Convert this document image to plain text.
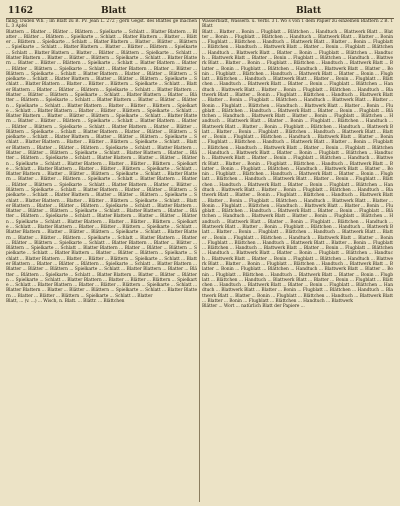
1162	Blatt	Blatt

fällig; Duden Wb. ; im Blatt zu B. Pv. Jean L. 272 ; gern Gegst. des Blattes ge machen L. 3 Apfel

Blattern ... Blatter ... Blätter ... Blättern ... Spielkarte ... Schlatt ... Blatter Blattern ... Blatter ... Blätter ... Blättern ... Spielkarte ... Schlatt ... Blatter Blattern ... Blatter ... Blätter ... Blättern ... Spielkarte ... Schlatt ... Blatter Blattern ... Blatter ... Blätter ... Blättern ... Spielkarte ... Schlatt ... Blatter Blattern ... Blatter ... Blätter ... Blättern ... Spielkarte ... Schlatt ... Blatter Blattern ... Blatter ... Blätter ... Blättern ... Spielkarte ... Schlatt ... Blatter Blattern ... Blatter ... Blätter ... Blättern ... Spielkarte ... Schlatt ... Blatter Blattern ... Blatter ... Blätter ... Blättern ... Spielkarte ... Schlatt ... Blatter Blattern ... Blatter ... Blätter ... Blättern ... Spielkarte ... Schlatt ... Blatter Blattern ... Blatter ... Blätter ... Blättern ... Spielkarte ... Schlatt ... Blatter Blattern ... Blatter ... Blätter ... Blättern ... Spielkarte ... Schlatt ... Blatter Blattern ... Blatter ... Blätter ... Blättern ... Spielkarte ... Schlatt ... Blatter Blattern ... Blatter ... Blätter ... Blättern ... Spielkarte ... Schlatt ... Blatter Blattern ... Blatter ... Blätter ... Blättern ... Spielkarte ... Schlatt ... Blatter Blattern ... Blatter ... Blätter ... Blättern ... Spielkarte ... Schlatt ... Blatter Blattern ... Blatter ... Blätter ... Blättern ... Spielkarte ... Schlatt ... Blatter Blattern ... Blatter ... Blätter ... Blättern ... Spielkarte ... Schlatt ... Blatter Blattern ... Blatter ... Blätter ... Blättern ... Spielkarte ... Schlatt ... Blatter Blattern ... Blatter ... Blätter ... Blättern ... Spielkarte ... Schlatt ... Blatter Blattern ... Blatter ... Blätter ... Blättern ... Spielkarte ... Schlatt ... Blatter Blattern ... Blatter ... Blätter ... Blättern ... Spielkarte ... Schlatt ... Blatter Blattern ... Blatter ... Blätter ... Blättern ... Spielkarte ... Schlatt ... Blatter Blattern ... Blatter ... Blätter ... Blättern ... Spielkarte ... Schlatt ... Blatter Blattern ... Blatter ... Blätter ... Blättern ... Spielkarte ... Schlatt ... Blatter Blattern ... Blatter ... Blätter ... Blättern ... Spielkarte ... Schlatt ... Blatter Blattern ... Blatter ... Blätter ... Blättern ... Spielkarte ... Schlatt ... Blatter Blattern ... Blatter ... Blätter ... Blättern ... Spielkarte ... Schlatt ... Blatter Blattern ... Blatter ... Blätter ... Blättern ... Spielkarte ... Schlatt ... Blatter Blattern ... Blatter ... Blätter ... Blättern ... Spielkarte ... Schlatt ... Blatter Blattern ... Blatter ... Blätter ... Blättern ... Spielkarte ... Schlatt ... Blatter Blattern ... Blatter ... Blätter ... Blättern ... Spielkarte ... Schlatt ... Blatter Blattern ... Blatter ... Blätter ... Blättern ... Spielkarte ... Schlatt ... Blatter Blattern ... Blatter ... Blätter ... Blättern ... Spielkarte ... Schlatt ... Blatter Blattern ... Blatter ... Blätter ... Blättern ... Spielkarte ... Schlatt ... Blatter Blattern ... Blatter ... Blätter ... Blättern ... Spielkarte ... Schlatt ... Blatter Blattern ... Blatter ... Blätter ... Blättern ... Spielkarte ... Schlatt ... Blatter Blattern ... Blatter ... Blätter ... Blättern ... Spielkarte ... Schlatt ... Blatter Blattern ... Blatter ... Blätter ... Blättern ... Spielkarte ... Schlatt ... Blatter Blattern ... Blatter ... Blätter ... Blättern ... Spielkarte ... Schlatt ... Blatter Blattern ... Blatter ... Blätter ... Blättern ... Spielkarte ... Schlatt ... Blatter Blattern ... Blatter ... Blätter ... Blättern ... Spielkarte ... Schlatt ... Blatter Blattern ... Blatter ... Blätter ... Blättern ... Spielkarte ... Schlatt ... Blatter Blattern ... Blatter ... Blätter ... Blättern ... Spielkarte ... Schlatt ... Blatter Blattern ... Blatter ... Blätter ... Blättern ... Spielkarte ... Schlatt ... Blatter Blattern ... Blatter ... Blätter ... Blättern ... Spielkarte ... Schlatt ... Blatter Blattern ... Blatter ... Blätter ... Blättern ... Spielkarte ... Schlatt ... Blatter Blattern ... Blatter ... Blätter ... Blättern ... Spielkarte ... Schlatt ... Blatter Blattern ... Blatter ... Blätter ... Blättern ... Spielkarte ... Schlatt ... Blatter Blattern ... Blatter ... Blätter ... Blättern ... Spielkarte ... Schlatt ... Blatter Blattern ... Blatter ... Blätter ... Blättern ... Spielkarte ... Schlatt ... Blatter Blattern ... Blatter ... Blätter ... Blättern ... Spielkarte ... Schlatt ... Blatter Blattern ... Blatter ... Blätter ... Blättern ... Spielkarte ... Schlatt ... Blatter Blattern ... Blatter ... Blätter ... Blättern ... Spielkarte ... Schlatt ... Blatter Blattern ... Blatter ... Blätter ... Blättern ... Spielkarte ... Schlatt ... Blatter Blattern ... Blatter ... Blätter ... Blättern ... Spielkarte ... Schlatt ... Blatter Blattern ... Blatter ... Blätter ... Blättern ... Spielkarte ... Schlatt ... Blatter Blattern ... Blatter ... Blätter ... Blättern ... Spielkarte ... Schlatt ... Blatter Blattern ... Blatter ... Blätter ... Blättern ... Spielkarte ... Schlatt ... Blatter Blattern ... Blatter ... Blätter ... Blättern ... Spielkarte ... Schlatt ... Blatter Blattern ... Blatter ... Blätter ... Blättern ... Spielkarte ... Schlatt ... Blatter

Blatt, ... (v. ...) ... Wisch, n. Blatt. ... Blättr. ... Blättchen

Wasserblatt, Wasserb. u. Verbl. 3 I. Wo s von 1 dem Papier zu einzelnen Blättern 2 B. 1 Blatt

Blatt ... Blatter ... Bonin ... Flugblatt ... Blättchen ... Handtuch ... Blattwerk Blatt ... Blatter ... Bonin ... Flugblatt ... Blättchen ... Handtuch ... Blattwerk Blatt ... Blatter ... Bonin ... Flugblatt ... Blättchen ... Handtuch ... Blattwerk Blatt ... Blatter ... Bonin ... Flugblatt ... Blättchen ... Handtuch ... Blattwerk Blatt ... Blatter ... Bonin ... Flugblatt ... Blättchen ... Handtuch ... Blattwerk Blatt ... Blatter ... Bonin ... Flugblatt ... Blättchen ... Handtuch ... Blattwerk Blatt ... Blatter ... Bonin ... Flugblatt ... Blättchen ... Handtuch ... Blattwerk Blatt ... Blatter ... Bonin ... Flugblatt ... Blättchen ... Handtuch ... Blattwerk Blatt ... Blatter ... Bonin ... Flugblatt ... Blättchen ... Handtuch ... Blattwerk Blatt ... Blatter ... Bonin ... Flugblatt ... Blättchen ... Handtuch ... Blattwerk Blatt ... Blatter ... Bonin ... Flugblatt ... Blättchen ... Handtuch ... Blattwerk Blatt ... Blatter ... Bonin ... Flugblatt ... Blättchen ... Handtuch ... Blattwerk Blatt ... Blatter ... Bonin ... Flugblatt ... Blättchen ... Handtuch ... Blattwerk Blatt ... Blatter ... Bonin ... Flugblatt ... Blättchen ... Handtuch ... Blattwerk Blatt ... Blatter ... Bonin ... Flugblatt ... Blättchen ... Handtuch ... Blattwerk Blatt ... Blatter ... Bonin ... Flugblatt ... Blättchen ... Handtuch ... Blattwerk Blatt ... Blatter ... Bonin ... Flugblatt ... Blättchen ... Handtuch ... Blattwerk Blatt ... Blatter ... Bonin ... Flugblatt ... Blättchen ... Handtuch ... Blattwerk Blatt ... Blatter ... Bonin ... Flugblatt ... Blättchen ... Handtuch ... Blattwerk Blatt ... Blatter ... Bonin ... Flugblatt ... Blättchen ... Handtuch ... Blattwerk Blatt ... Blatter ... Bonin ... Flugblatt ... Blättchen ... Handtuch ... Blattwerk Blatt ... Blatter ... Bonin ... Flugblatt ... Blättchen ... Handtuch ... Blattwerk Blatt ... Blatter ... Bonin ... Flugblatt ... Blättchen ... Handtuch ... Blattwerk Blatt ... Blatter ... Bonin ... Flugblatt ... Blättchen ... Handtuch ... Blattwerk Blatt ... Blatter ... Bonin ... Flugblatt ... Blättchen ... Handtuch ... Blattwerk Blatt ... Blatter ... Bonin ... Flugblatt ... Blättchen ... Handtuch ... Blattwerk Blatt ... Blatter ... Bonin ... Flugblatt ... Blättchen ... Handtuch ... Blattwerk Blatt ... Blatter ... Bonin ... Flugblatt ... Blättchen ... Handtuch ... Blattwerk Blatt ... Blatter ... Bonin ... Flugblatt ... Blättchen ... Handtuch ... Blattwerk Blatt ... Blatter ... Bonin ... Flugblatt ... Blättchen ... Handtuch ... Blattwerk Blatt ... Blatter ... Bonin ... Flugblatt ... Blättchen ... Handtuch ... Blattwerk Blatt ... Blatter ... Bonin ... Flugblatt ... Blättchen ... Handtuch ... Blattwerk Blatt ... Blatter ... Bonin ... Flugblatt ... Blättchen ... Handtuch ... Blattwerk Blatt ... Blatter ... Bonin ... Flugblatt ... Blättchen ... Handtuch ... Blattwerk Blatt ... Blatter ... Bonin ... Flugblatt ... Blättchen ... Handtuch ... Blattwerk Blatt ... Blatter ... Bonin ... Flugblatt ... Blättchen ... Handtuch ... Blattwerk Blatt ... Blatter ... Bonin ... Flugblatt ... Blättchen ... Handtuch ... Blattwerk Blatt ... Blatter ... Bonin ... Flugblatt ... Blättchen ... Handtuch ... Blattwerk Blatt ... Blatter ... Bonin ... Flugblatt ... Blättchen ... Handtuch ... Blattwerk Blatt ... Blatter ... Bonin ... Flugblatt ... Blättchen ... Handtuch ... Blattwerk Blatt ... Blatter ... Bonin ... Flugblatt ... Blättchen ... Handtuch ... Blattwerk Blatt ... Blatter ... Bonin ... Flugblatt ... Blättchen ... Handtuch ... Blattwerk Blatt ... Blatter ... Bonin ... Flugblatt ... Blättchen ... Handtuch ... Blattwerk Blatt ... Blatter ... Bonin ... Flugblatt ... Blättchen ... Handtuch ... Blattwerk Blatt ... Blatter ... Bonin ... Flugblatt ... Blättchen ... Handtuch ... Blattwerk Blatt ... Blatter ... Bonin ... Flugblatt ... Blättchen ... Handtuch ... Blattwerk Blatt ... Blatter ... Bonin ... Flugblatt ... Blättchen ... Handtuch ... Blattwerk Blatt ... Blatter ... Bonin ... Flugblatt ... Blättchen ... Handtuch ... Blattwerk Blatt ... Blatter ... Bonin ... Flugblatt ... Blättchen ... Handtuch ... Blattwerk Blatt ... Blatter ... Bonin ... Flugblatt ... Blättchen ... Handtuch ... Blattwerk Blatt ... Blatter ... Bonin ... Flugblatt ... Blättchen ... Handtuch ... Blattwerk Blatt ... Blatter ... Bonin ... Flugblatt ... Blättchen ... Handtuch ... Blattwerk Blatt ... Blatter ... Bonin ... Flugblatt ... Blättchen ... Handtuch ... Blattwerk Blatt ... Blatter ... Bonin ... Flugblatt ... Blättchen ... Handtuch ... Blattwerk Blatt ... Blatter ... Bonin ... Flugblatt ... Blättchen ... Handtuch ... Blattwerk Blatt ... Blatter ... Bonin ... Flugblatt ... Blättchen ... Handtuch ... Blattwerk Blatt ... Blatter ... Bonin ... Flugblatt ... Blättchen ... Handtuch ... Blattwerk Blatt ... Blatter ... Bonin ... Flugblatt ... Blättchen ... Handtuch ... Blattwerk Blatt ... Blatter ... Bonin ... Flugblatt ... Blättchen ... Handtuch ... Blattwerk Blatt ... Blatter ... Bonin ... Flugblatt ... Blättchen ... Handtuch ... Blattwerk

Blätter ... Wort ... natürlich Blatt der Papiere ...
